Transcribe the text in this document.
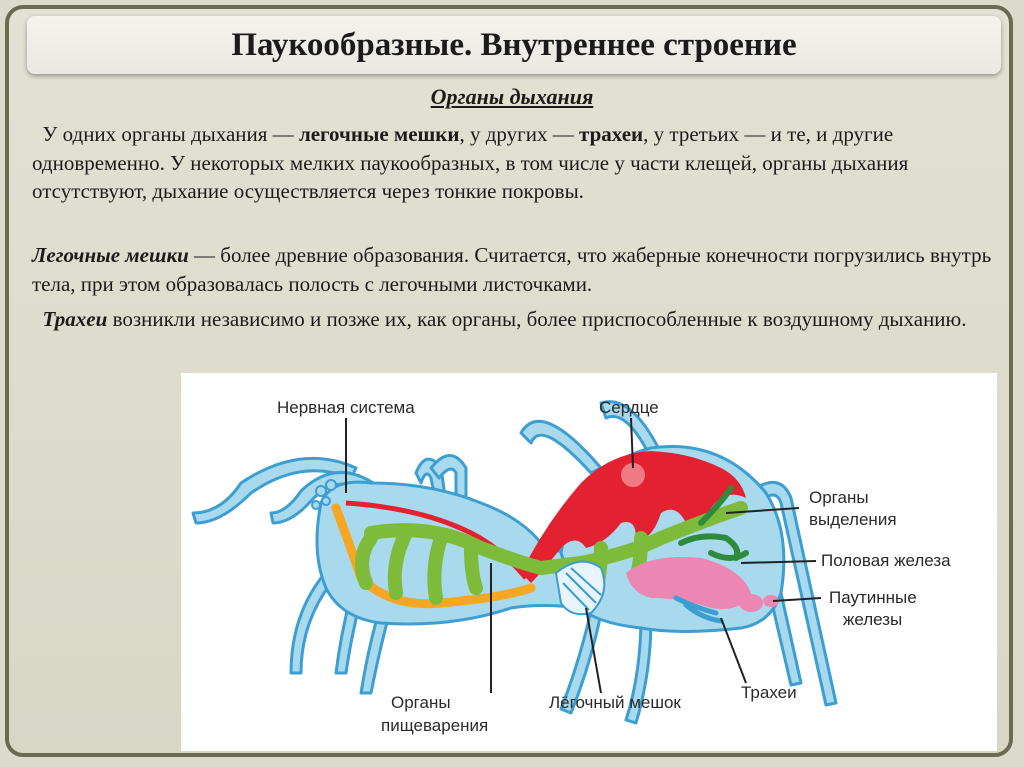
Паукообразные. Внутреннее строение
Органы дыхания

У одних органы дыхания — легочные мешки, у других — трахеи, у третьих — и те, и другие одновременно. У некоторых мелких паукообразных, в том числе у части клещей, органы дыхания отсутствуют, дыхание осуществляется через тонкие покровы.

Легочные мешки — более древние образования. Считается, что жаберные конечности погрузились внутрь тела, при этом образовалась полость с легочными листочками.

Трахеи возникли независимо и позже их, как органы, более приспособленные к воздушному дыханию.

Нервная система	Сердце
Органы
выделения
Половая железа
Паутинные
железы
Трахеи
Лёгочный мешок
Органы
пищеварения
